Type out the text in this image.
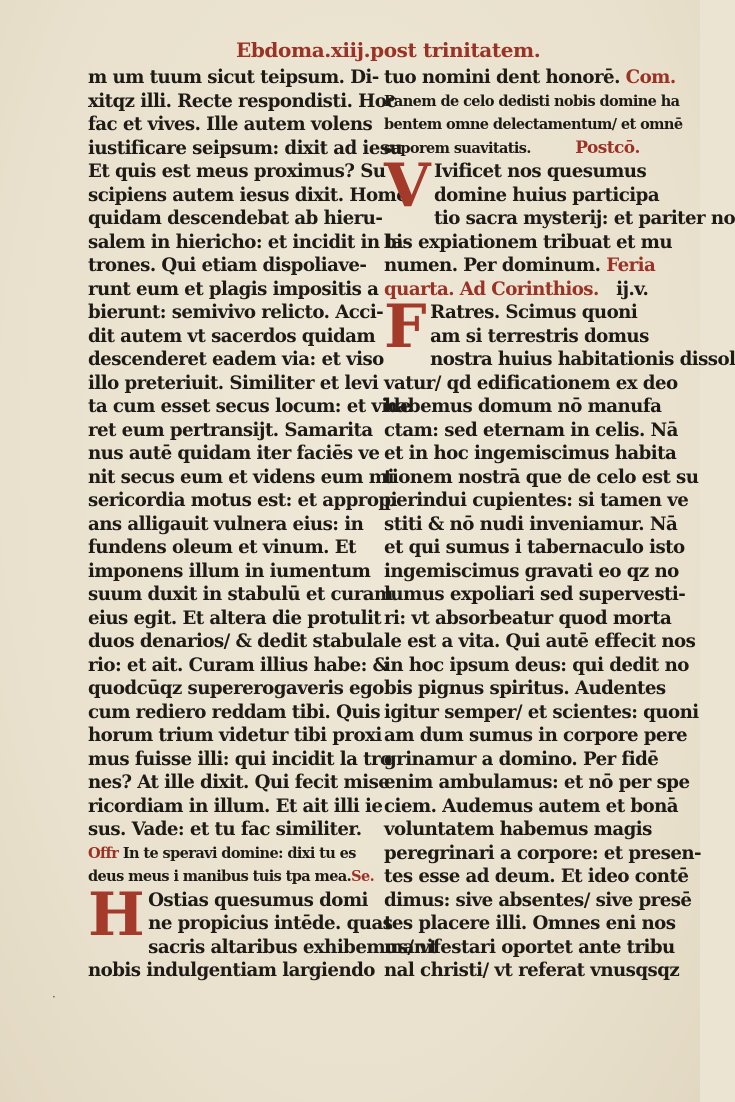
Ebdoma.xiij.post trinitatem.
m um tuum sicut teipsum. Di-
xitqz illi. Recte respondisti. Hoc
fac et vives. Ille autem volens
iustificare seipsum: dixit ad iesu
Et quis est meus proximus? Su
scipiens autem iesus dixit. Homo
quidam descendebat ab hieru-
salem in hiericho: et incidit in la-
trones. Qui etiam dispoliave-
runt eum et plagis impositis a
bierunt: semivivo relicto. Acci-
dit autem vt sacerdos quidam
descenderet eadem via: et viso
illo preteriuit. Similiter et levi
ta cum esset secus locum: et vide
ret eum pertransijt. Samarita
nus autē quidam iter faciēs ve
nit secus eum et videns eum mi
sericordia motus est: et appropi
ans alligauit vulnera eius: in
fundens oleum et vinum. Et
imponens illum in iumentum
suum duxit in stabulū et curam
eius egit. Et altera die protulit
duos denarios/ & dedit stabula
rio: et ait. Curam illius habe: &
quodcūqz supererogaveris ego
cum rediero reddam tibi. Quis
horum trium videtur tibi proxi
mus fuisse illi: qui incidit la tro
nes? At ille dixit. Qui fecit mise
ricordiam in illum. Et ait illi ie
sus. Vade: et tu fac similiter.
Offr In te speravi domine: dixi tu es
deus meus i manibus tuis tpa mea.Se.
H Ostias quesumus domi
ne propicius intēde. quas
sacris altaribus exhibemus/ vt
nobis indulgentiam largiendo
tuo nomini dent honorē. Com.
Panem de celo dedisti nobis domine ha
bentem omne delectamentum/ et omnē
saporem suavitatis.	Postcō.
V Ivificet nos quesumus
domine huius participa
tio sacra mysterij: et pariter no
bis expiationem tribuat et mu
numen. Per dominum. Feria
quarta. Ad Corinthios. ij.v.
F Ratres. Scimus quoni
am si terrestris domus
nostra huius habitationis dissol
vatur/ qd edificationem ex deo
habemus domum nō manufa
ctam: sed eternam in celis. Nā
et in hoc ingemiscimus habita
tionem nostrā que de celo est su
perindui cupientes: si tamen ve
stiti & nō nudi inveniamur. Nā
et qui sumus i tabernaculo isto
ingemiscimus gravati eo qz no
lumus expoliari sed supervesti-
ri: vt absorbeatur quod morta
le est a vita. Qui autē effecit nos
in hoc ipsum deus: qui dedit no
bis pignus spiritus. Audentes
igitur semper/ et scientes: quoni
am dum sumus in corpore pere
grinamur a domino. Per fidē
enim ambulamus: et nō per spe
ciem. Audemus autem et bonā
voluntatem habemus magis
peregrinari a corpore: et presen-
tes esse ad deum. Et ideo contē
dimus: sive absentes/ sive presē
tes placere illi. Omnes eni nos
manifestari oportet ante tribu
nal christi/ vt referat vnusqsqz
·
